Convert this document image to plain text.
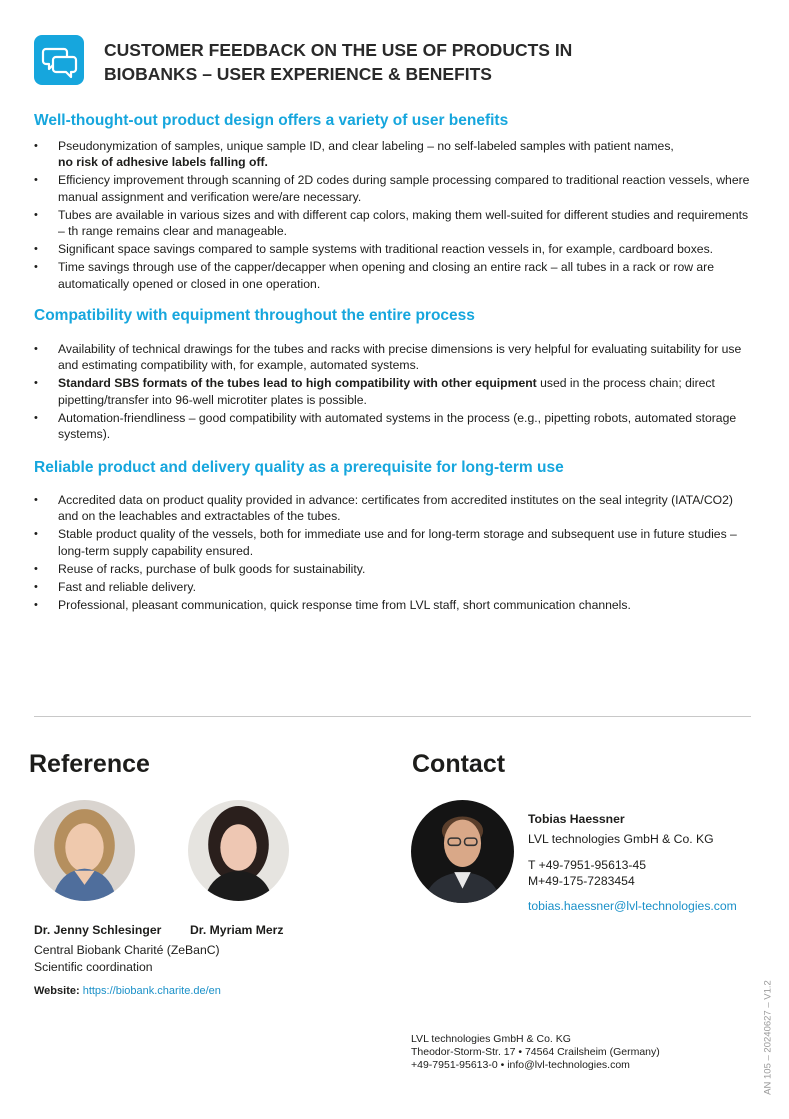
CUSTOMER FEEDBACK ON THE USE OF PRODUCTS IN
BIOBANKS – USER EXPERIENCE & BENEFITS
Well-thought-out product design offers a variety of user benefits
• Pseudonymization of samples, unique sample ID, and clear labeling – no self-labeled samples with patient names,
no risk of adhesive labels falling off.
• Efficiency improvement through scanning of 2D codes during sample processing compared to traditional reaction vessels, where manual assignment and verification were/are necessary.
• Tubes are available in various sizes and with different cap colors, making them well-suited for different studies and requirements – th range remains clear and manageable.
• Significant space savings compared to sample systems with traditional reaction vessels in, for example, cardboard boxes.
• Time savings through use of the capper/decapper when opening and closing an entire rack – all tubes in a rack or row are automatically opened or closed in one operation.
Compatibility with equipment throughout the entire process
• Availability of technical drawings for the tubes and racks with precise dimensions is very helpful for evaluating suitability for use and estimating compatibility with, for example, automated systems.
• Standard SBS formats of the tubes lead to high compatibility with other equipment used in the process chain; direct pipetting/transfer into 96-well microtiter plates is possible.
• Automation-friendliness – good compatibility with automated systems in the process (e.g., pipetting robots, automated storage systems).
Reliable product and delivery quality as a prerequisite for long-term use
• Accredited data on product quality provided in advance: certificates from accredited institutes on the seal integrity (IATA/CO2) and on the leachables and extractables of the tubes.
• Stable product quality of the vessels, both for immediate use and for long-term storage and subsequent use in future studies – long-term supply capability ensured.
• Reuse of racks, purchase of bulk goods for sustainability.
• Fast and reliable delivery.
• Professional, pleasant communication, quick response time from LVL staff, short communication channels.
Reference
Dr. Jenny Schlesinger Dr. Myriam Merz
Central Biobank Charité (ZeBanC)
Scientific coordination
Website: https://biobank.charite.de/en
Contact
Tobias Haessner
LVL technologies GmbH & Co. KG
T +49-7951-95613-45
M+49-175-7283454
tobias.haessner@lvl-technologies.com
LVL technologies GmbH & Co. KG
Theodor-Storm-Str. 17 • 74564 Crailsheim (Germany)
+49-7951-95613-0 • info@lvl-technologies.com	AN 105 – 20240627 – V1.2
